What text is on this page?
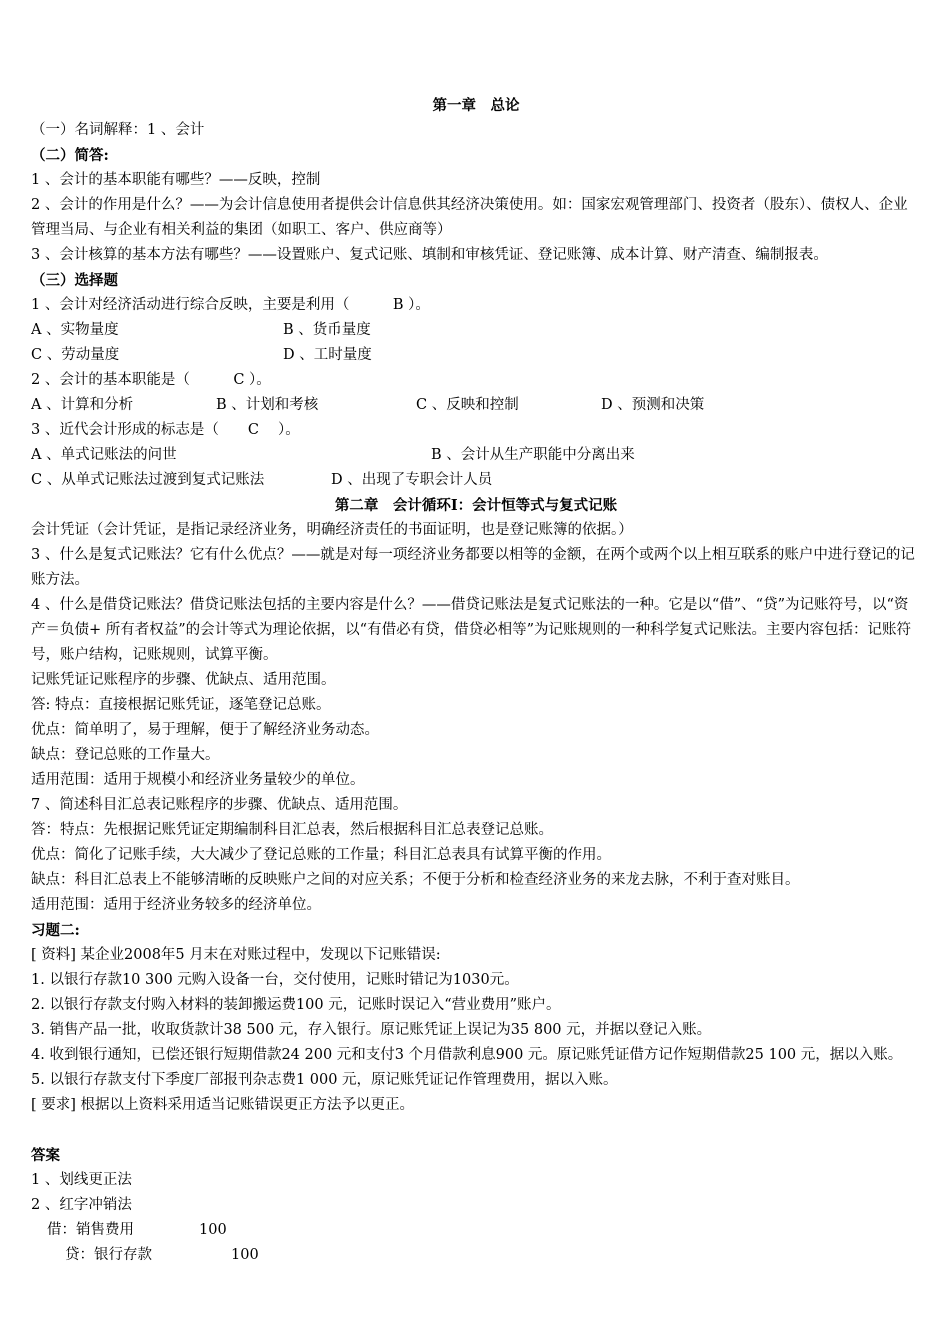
第一章　总论
（一）名词解释：1 、会计
（二）简答:
1 、会计的基本职能有哪些？——反映，控制
2 、会计的作用是什么？——为会计信息使用者提供会计信息供其经济决策使用。如：国家宏观管理部门、投资者（股东）、债权人、企业管理当局、与企业有相关利益的集团（如职工、客户、供应商等）
3 、会计核算的基本方法有哪些？——设置账户、复式记账、填制和审核凭证、登记账簿、成本计算、财产清查、编制报表。
（三）选择题
1 、会计对经济活动进行综合反映，主要是利用（　　　B ）。
A 、实物量度	B 、货币量度
C 、劳动量度	D 、工时量度
2 、会计的基本职能是（　　　C ）。
A 、计算和分析	B 、计划和考核	C 、反映和控制	D 、预测和决策
3 、近代会计形成的标志是（　　C　 ）。
A 、单式记账法的问世	B 、会计从生产职能中分离出来
C 、从单式记账法过渡到复式记账法	D 、出现了专职会计人员
第二章　会计循环Ⅰ：会计恒等式与复式记账
会计凭证（会计凭证，是指记录经济业务，明确经济责任的书面证明，也是登记账簿的依据。）
3 、什么是复式记账法？它有什么优点？——就是对每一项经济业务都要以相等的金额，在两个或两个以上相互联系的账户中进行登记的记账方法。
4 、什么是借贷记账法？借贷记账法包括的主要内容是什么？——借贷记账法是复式记账法的一种。它是以“借”、“贷”为记账符号，以“资产＝负债+ 所有者权益”的会计等式为理论依据，以“有借必有贷，借贷必相等”为记账规则的一种科学复式记账法。主要内容包括：记账符号，账户结构，记账规则，试算平衡。
记账凭证记账程序的步骤、优缺点、适用范围。
答: 特点：直接根据记账凭证，逐笔登记总账。
优点：简单明了，易于理解，便于了解经济业务动态。
缺点：登记总账的工作量大。
适用范围：适用于规模小和经济业务量较少的单位。
7 、简述科目汇总表记账程序的步骤、优缺点、适用范围。
答：特点：先根据记账凭证定期编制科目汇总表，然后根据科目汇总表登记总账。
优点：简化了记账手续，大大减少了登记总账的工作量；科目汇总表具有试算平衡的作用。
缺点：科目汇总表上不能够清晰的反映账户之间的对应关系；不便于分析和检查经济业务的来龙去脉，不利于查对账目。
适用范围：适用于经济业务较多的经济单位。
习题二:
[ 资料] 某企业2008年5 月末在对账过程中，发现以下记账错误:
1. 以银行存款10 300 元购入设备一台，交付使用，记账时错记为1030元。
2. 以银行存款支付购入材料的装卸搬运费100 元，记账时误记入“营业费用”账户。
3. 销售产品一批，收取货款计38 500 元，存入银行。原记账凭证上误记为35 800 元，并据以登记入账。
4. 收到银行通知，已偿还银行短期借款24 200 元和支付3 个月借款利息900 元。原记账凭证借方记作短期借款25 100 元，据以入账。
5. 以银行存款支付下季度厂部报刊杂志费1 000 元，原记账凭证记作管理费用，据以入账。
[ 要求] 根据以上资料采用适当记账错误更正方法予以更正。
答案
1 、划线更正法
2 、红字冲销法
借：销售费用	100
贷：银行存款	100
